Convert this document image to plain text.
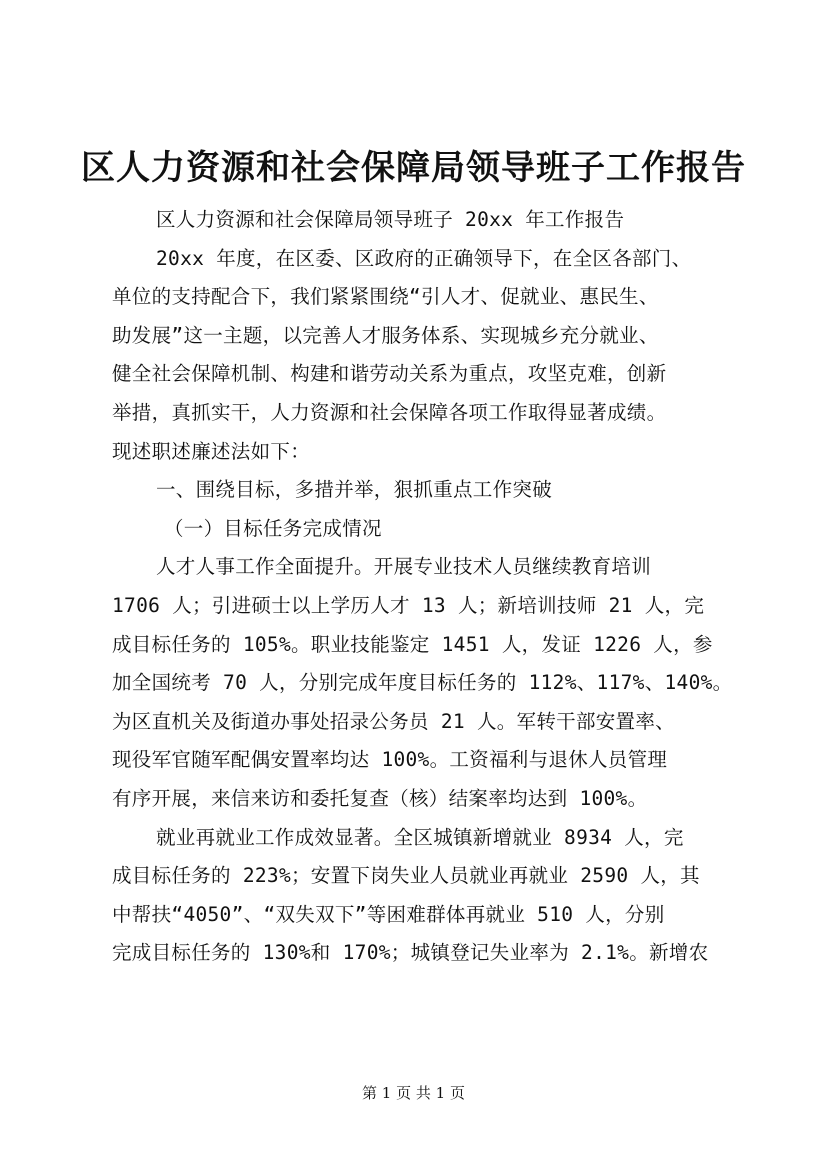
区人力资源和社会保障局领导班子工作报告
区人力资源和社会保障局领导班子 20xx 年工作报告
20xx 年度，在区委、区政府的正确领导下，在全区各部门、
单位的支持配合下，我们紧紧围绕“引人才、促就业、惠民生、
助发展”这一主题，以完善人才服务体系、实现城乡充分就业、
健全社会保障机制、构建和谐劳动关系为重点，攻坚克难，创新
举措，真抓实干，人力资源和社会保障各项工作取得显著成绩。
现述职述廉述法如下：
一、围绕目标，多措并举，狠抓重点工作突破
（一）目标任务完成情况
人才人事工作全面提升。开展专业技术人员继续教育培训
1706 人；引进硕士以上学历人才 13 人；新培训技师 21 人，完
成目标任务的 105%。职业技能鉴定 1451 人，发证 1226 人，参
加全国统考 70 人，分别完成年度目标任务的 112%、117%、140%。
为区直机关及街道办事处招录公务员 21 人。军转干部安置率、
现役军官随军配偶安置率均达 100%。工资福利与退休人员管理
有序开展，来信来访和委托复查（核）结案率均达到 100%。
就业再就业工作成效显著。全区城镇新增就业 8934 人，完
成目标任务的 223%；安置下岗失业人员就业再就业 2590 人，其
中帮扶“4050”、“双失双下”等困难群体再就业 510 人，分别
完成目标任务的 130%和 170%；城镇登记失业率为 2.1%。新增农
第 1 页 共 1 页
